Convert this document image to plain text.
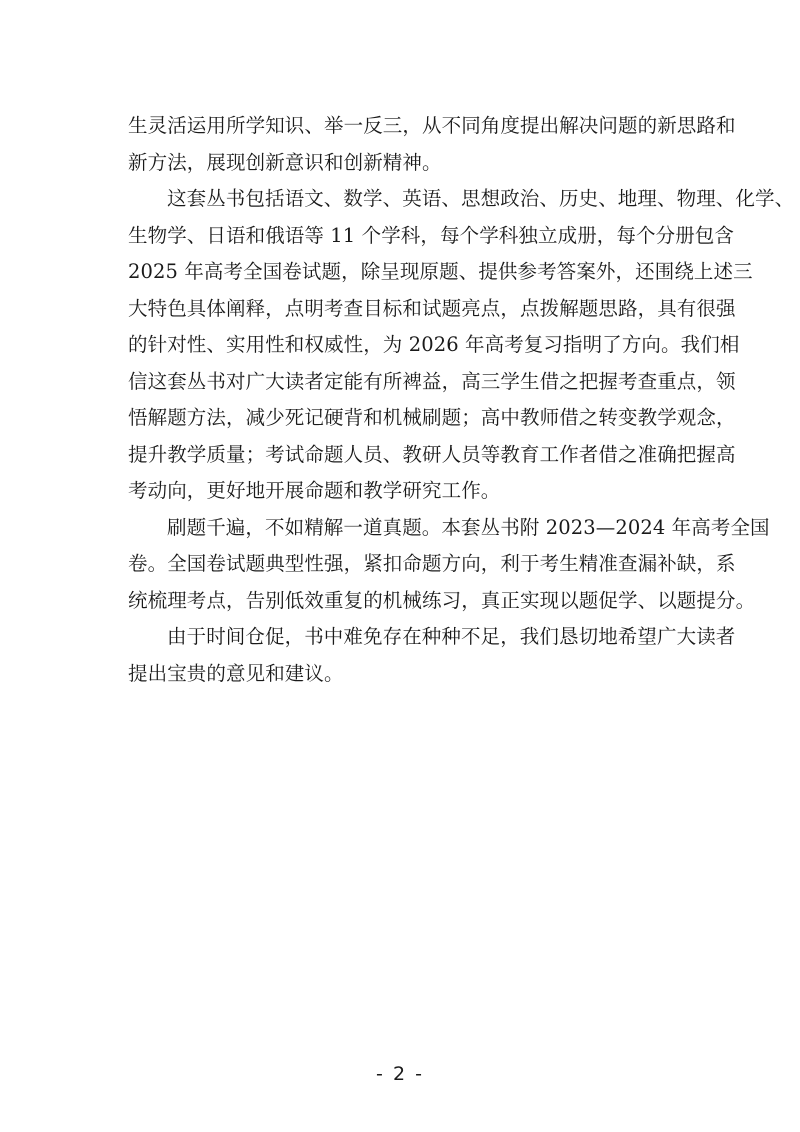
生灵活运用所学知识、举一反三，从不同角度提出解决问题的新思路和
新方法，展现创新意识和创新精神。
这套丛书包括语文、数学、英语、思想政治、历史、地理、物理、化学、
生物学、日语和俄语等 11 个学科，每个学科独立成册，每个分册包含
2025 年高考全国卷试题，除呈现原题、提供参考答案外，还围绕上述三
大特色具体阐释，点明考查目标和试题亮点，点拨解题思路，具有很强
的针对性、实用性和权威性，为 2026 年高考复习指明了方向。我们相
信这套丛书对广大读者定能有所裨益，高三学生借之把握考查重点，领
悟解题方法，减少死记硬背和机械刷题；高中教师借之转变教学观念，
提升教学质量；考试命题人员、教研人员等教育工作者借之准确把握高
考动向，更好地开展命题和教学研究工作。
刷题千遍，不如精解一道真题。本套丛书附 2023—2024 年高考全国
卷。全国卷试题典型性强，紧扣命题方向，利于考生精准查漏补缺，系
统梳理考点，告别低效重复的机械练习，真正实现以题促学、以题提分。
由于时间仓促，书中难免存在种种不足，我们恳切地希望广大读者
提出宝贵的意见和建议。
- 2 -
